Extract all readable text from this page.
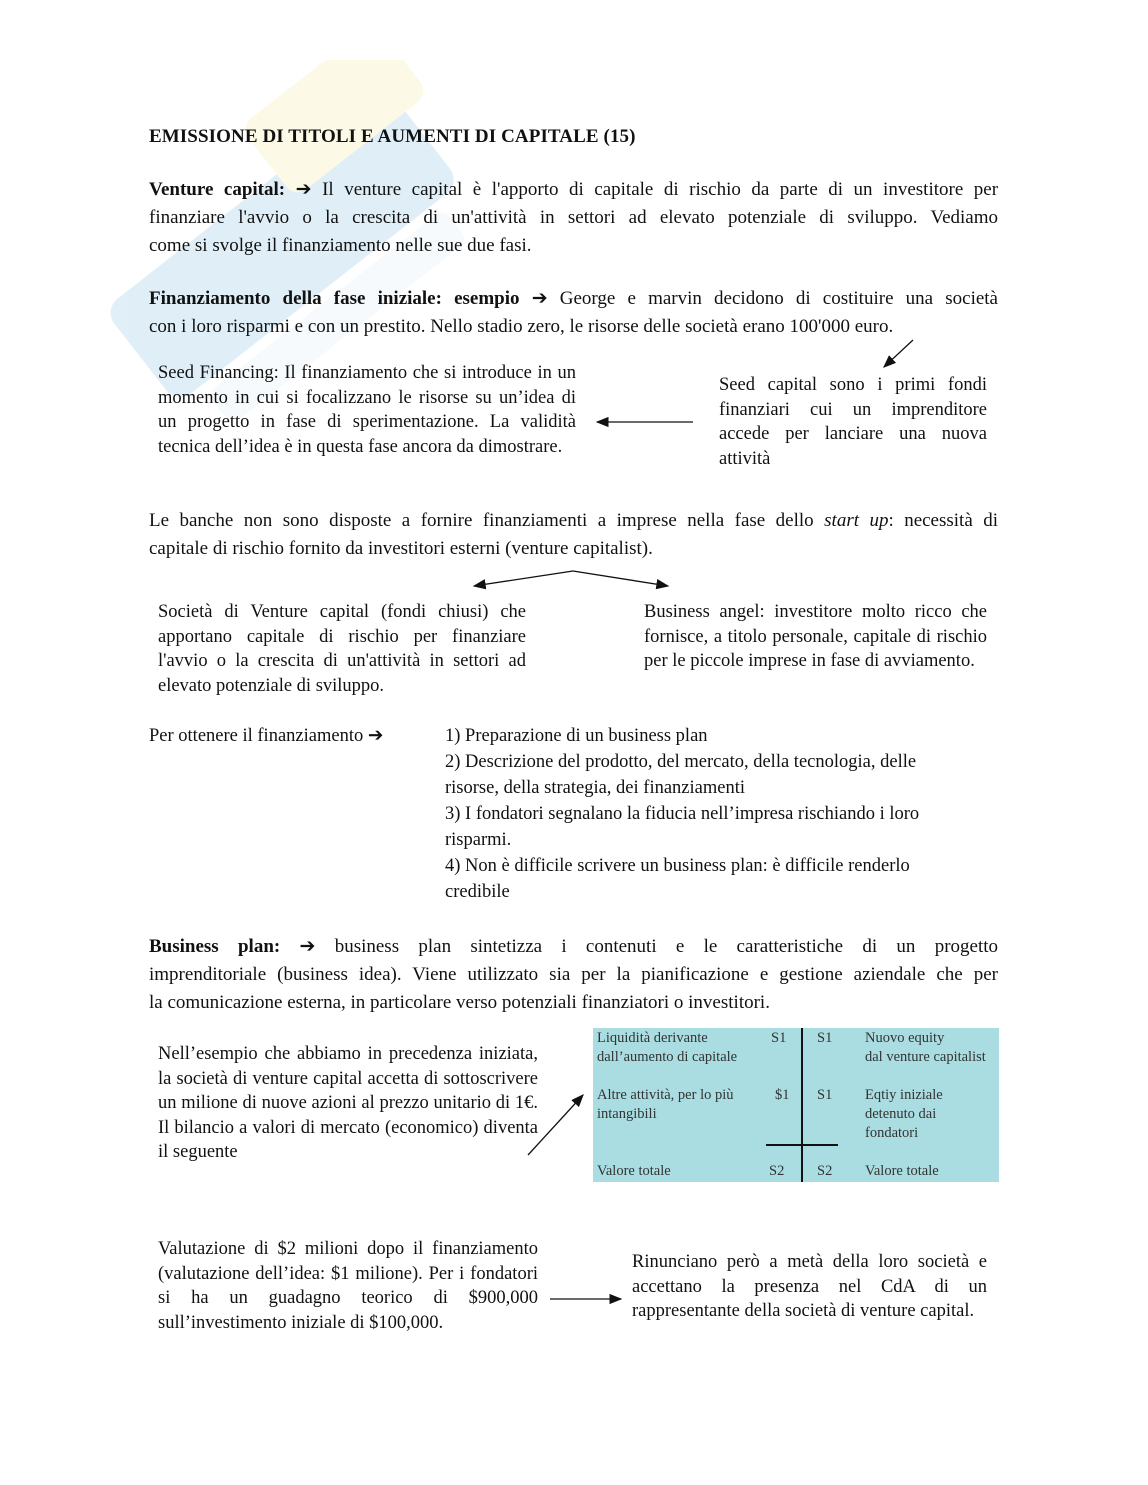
EMISSIONE DI TITOLI E AUMENTI DI CAPITALE (15)
Venture capital: ➔ Il venture capital è l'apporto di capitale di rischio da parte di un investitore per
finanziare l'avvio o la crescita di un'attività in settori ad elevato potenziale di sviluppo. Vediamo
come si svolge il finanziamento nelle sue due fasi.
Finanziamento della fase iniziale: esempio ➔ George e marvin decidono di costituire una società
con i loro risparmi e con un prestito. Nello stadio zero, le risorse delle società erano 100'000 euro.
Seed Financing: Il finanziamento che si introduce in un momento in cui si focalizzano le risorse su un’idea di un progetto in fase di sperimentazione. La validità tecnica dell’idea è in questa fase ancora da dimostrare.
Seed capital sono i primi fondi finanziari cui un imprenditore accede per lanciare una nuova attività
Le banche non sono disposte a fornire finanziamenti a imprese nella fase dello start up: necessità di
capitale di rischio fornito da investitori esterni (venture capitalist).
Società di Venture capital (fondi chiusi) che apportano capitale di rischio per finanziare l'avvio o la crescita di un'attività in settori ad elevato potenziale di sviluppo.
Business angel: investitore molto ricco che fornisce, a titolo personale, capitale di rischio per le piccole imprese in fase di avviamento.
Per ottenere il finanziamento ➔	1) Preparazione di un business plan
2) Descrizione del prodotto, del mercato, della tecnologia, delle
risorse, della strategia, dei finanziamenti
3) I fondatori segnalano la fiducia nell’impresa rischiando i loro
risparmi.
4) Non è difficile scrivere un business plan: è difficile renderlo
credibile
Business plan: ➔ business plan sintetizza i contenuti e le caratteristiche di un progetto
imprenditoriale (business idea). Viene utilizzato sia per la pianificazione e gestione aziendale che per
la comunicazione esterna, in particolare verso potenziali finanziatori o investitori.
Nell’esempio che abbiamo in precedenza iniziata, la società di venture capital accetta di sottoscrivere un milione di nuove azioni al prezzo unitario di 1€. Il bilancio a valori di mercato (economico) diventa il seguente
Liquidità derivante
dall’aumento di capitale
S1 S1 Nuovo equity
dal venture capitalist
Altre attività, per lo più
intangibili
$1 S1 Eqtiy iniziale
detenuto dai
fondatori
Valore totale	S2 S2 Valore totale
Valutazione di $2 milioni dopo il finanziamento (valutazione dell’idea: $1 milione). Per i fondatori si ha un guadagno teorico di $900,000 sull’investimento iniziale di $100,000.
Rinunciano però a metà della loro società e accettano la presenza nel CdA di un rappresentante della società di venture capital.
